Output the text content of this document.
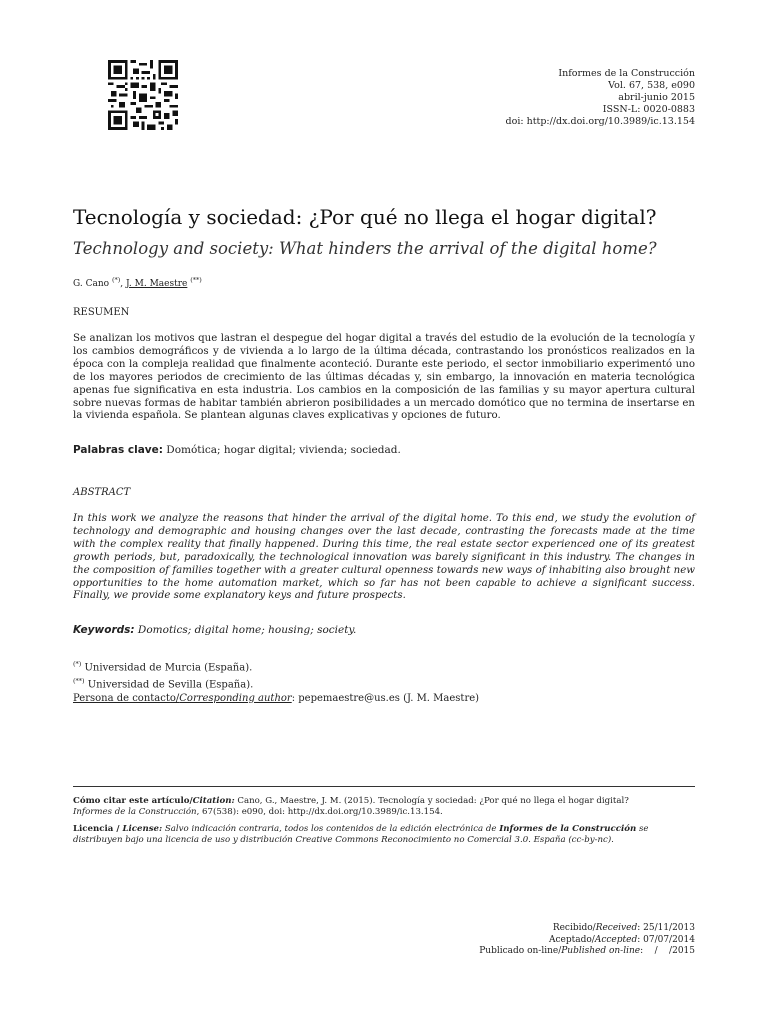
Informes de la Construcción
Vol. 67, 538, e090
abril-junio 2015
ISSN-L: 0020-0883
doi: http://dx.doi.org/10.3989/ic.13.154
Tecnología y sociedad: ¿Por qué no llega el hogar digital?
Technology and society: What hinders the arrival of the digital home?
G. Cano (*), J. M. Maestre (**)
RESUMEN
Se analizan los motivos que lastran el despegue del hogar digital a través del estudio de la evolución de la tecnología y los cambios demográficos y de vivienda a lo largo de la última década, contrastando los pronósticos realizados en la época con la compleja realidad que finalmente aconteció. Durante este periodo, el sector inmobiliario experimentó uno de los mayores periodos de crecimiento de las últimas décadas y, sin embargo, la innovación en materia tecnológica apenas fue significativa en esta industria. Los cambios en la composición de las familias y su mayor apertura cultural sobre nuevas formas de habitar también abrieron posibilidades a un mercado domótico que no termina de insertarse en la vivienda española. Se plantean algunas claves explicativas y opciones de futuro.
Palabras clave: Domótica; hogar digital; vivienda; sociedad.
ABSTRACT
In this work we analyze the reasons that hinder the arrival of the digital home. To this end, we study the evolution of technology and demographic and housing changes over the last decade, contrasting the forecasts made at the time with the complex reality that finally happened. During this time, the real estate sector experienced one of its greatest growth periods, but, paradoxically, the technological innovation was barely significant in this industry. The changes in the composition of families together with a greater cultural openness towards new ways of inhabiting also brought new opportunities to the home automation market, which so far has not been capable to achieve a significant success. Finally, we provide some explanatory keys and future prospects.
Keywords: Domotics; digital home; housing; society.
(*) Universidad de Murcia (España).
(**) Universidad de Sevilla (España).
Persona de contacto/Corresponding author: pepemaestre@us.es (J. M. Maestre)
Cómo citar este artículo/Citation: Cano, G., Maestre, J. M. (2015). Tecnología y sociedad: ¿Por qué no llega el hogar digital?
Informes de la Construcción, 67(538): e090, doi: http://dx.doi.org/10.3989/ic.13.154.
Licencia / License: Salvo indicación contraria, todos los contenidos de la edición electrónica de Informes de la Construcción se distribuyen bajo una licencia de uso y distribución Creative Commons Reconocimiento no Comercial 3.0. España (cc-by-nc).
Recibido/Received: 25/11/2013
Aceptado/Accepted: 07/07/2014
Publicado on-line/Published on-line:    /    /2015
